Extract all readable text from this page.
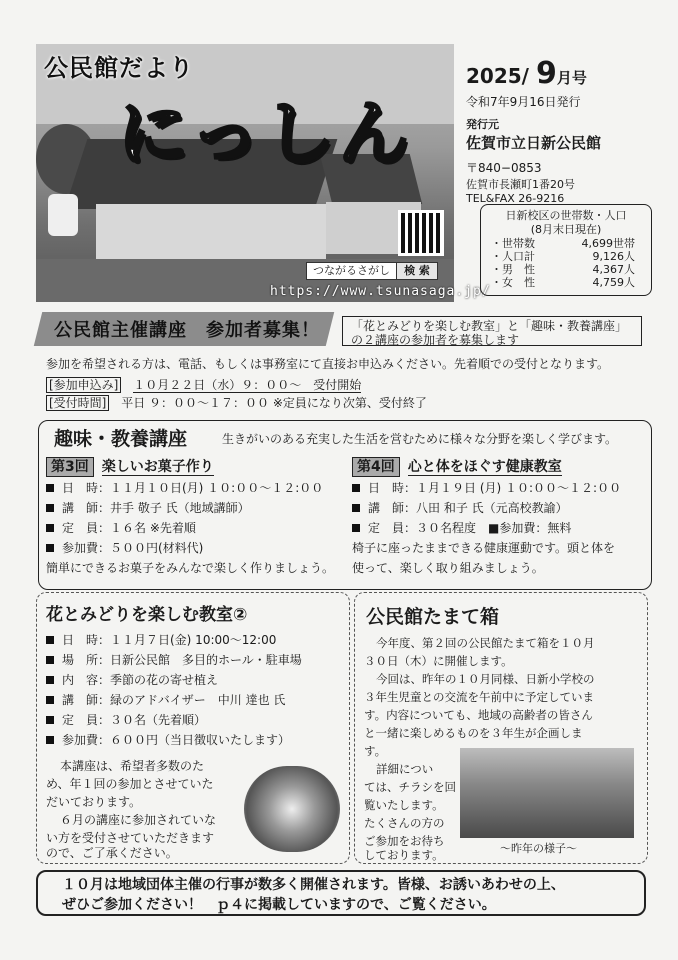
公民館だより
にっしん
つながるさがし	検 索
https://www.tsunasaga.jp/
2025/ 9月号
令和7年9月16日発行
発行元
佐賀市立日新公民館
〒840−0853
佐賀市長瀬町1番20号
TEL&FAX 26-9216
日新校区の世帯数・人口
(8月末日現在)
・世帯数	4,699世帯
・人口計	9,126人
・男　性	4,367人
・女　性	4,759人
公民館主催講座　参加者募集！	「花とみどりを楽しむ教室」と「趣味・教養講座」
の２講座の参加者を募集します
参加を希望される方は、電話、もしくは事務室にて直接お申込みください。先着順での受付となります。
[参加申込み] １０月２２日（水）９：００〜　受付開始
[受付時間] 平日 ９：００〜１７：００ ※定員になり次第、受付終了
趣味・教養講座	生きがいのある充実した生活を営むために様々な分野を楽しく学びます。
第3回 楽しいお菓子作り
日　時：１１月１０日(月) １０:００〜１２:００
講　師：井手 敬子 氏（地域講師）
定　員：１６名 ※先着順
参加費：５００円(材料代)
簡単にできるお菓子をみんなで楽しく作りましょう。
第4回 心と体をほぐす健康教室
日　時：１月１９日 (月) １０:００〜１２:００
講　師：八田 和子 氏（元高校教諭）
定　員：３０名程度　■参加費：無料
椅子に座ったままできる健康運動です。頭と体を
使って、楽しく取り組みましょう。
花とみどりを楽しむ教室②
日　時：１１月７日(金) 10:00〜12:00
場　所：日新公民館　多目的ホール・駐車場
内　容：季節の花の寄せ植え
講　師：緑のアドバイザー　中川 達也 氏
定　員：３０名（先着順）
参加費：６００円（当日徴収いたします）
本講座は、希望者多数のた
め、年１回の参加とさせていた
だいております。
６月の講座に参加されていな
い方を受付させていただきます
ので、ご了承ください。
公民館たまて箱
今年度、第２回の公民館たまて箱を１０月
３０日（木）に開催します。
今回は、昨年の１０月同様、日新小学校の
３年生児童との交流を午前中に予定していま
す。内容についても、地域の高齢者の皆さん
と一緒に楽しめるものを３年生が企画しま
す。
詳細につい
ては、チラシを回
覧いたします。
たくさんの方の
ご参加をお待ち
しております。	〜昨年の様子〜
１０月は地域団体主催の行事が数多く開催されます。皆様、お誘いあわせの上、
ぜひご参加ください！　ｐ４に掲載していますので、ご覧ください。
